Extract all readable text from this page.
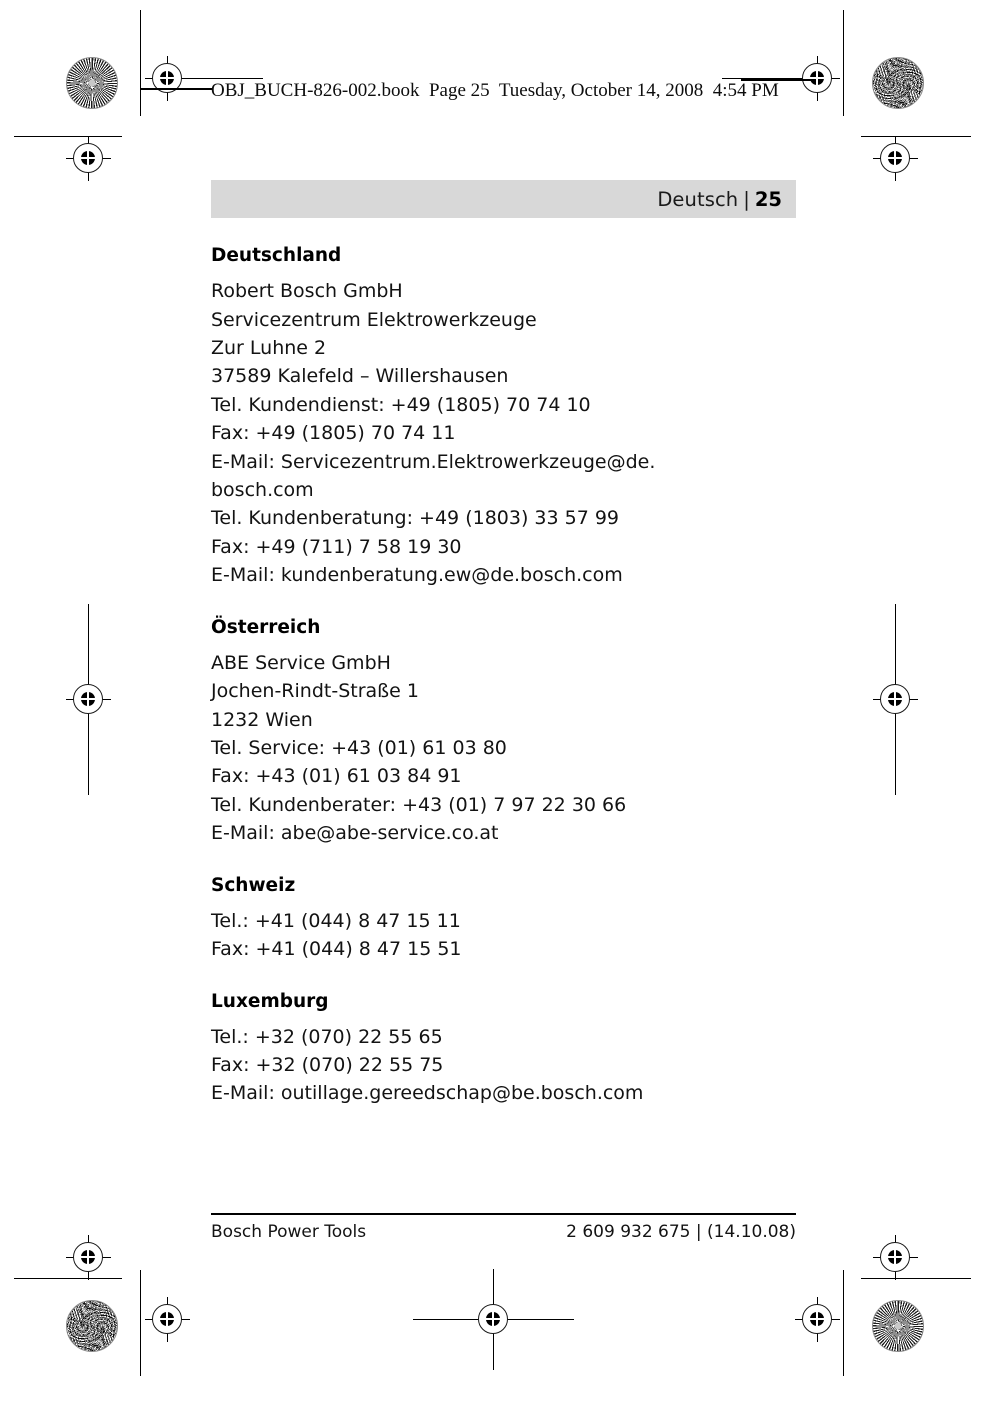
OBJ_BUCH-826-002.book  Page 25  Tuesday, October 14, 2008  4:54 PM
Deutsch | 25
Deutschland
Robert Bosch GmbH
Servicezentrum Elektrowerkzeuge
Zur Luhne 2
37589 Kalefeld – Willershausen
Tel. Kundendienst: +49 (1805) 70 74 10
Fax: +49 (1805) 70 74 11
E-Mail: Servicezentrum.Elektrowerkzeuge@de.
bosch.com
Tel. Kundenberatung: +49 (1803) 33 57 99
Fax: +49 (711) 7 58 19 30
E-Mail: kundenberatung.ew@de.bosch.com
Österreich
ABE Service GmbH
Jochen-Rindt-Straße 1
1232 Wien
Tel. Service: +43 (01) 61 03 80
Fax: +43 (01) 61 03 84 91
Tel. Kundenberater: +43 (01) 7 97 22 30 66
E-Mail: abe@abe-service.co.at
Schweiz
Tel.: +41 (044) 8 47 15 11
Fax: +41 (044) 8 47 15 51
Luxemburg
Tel.: +32 (070) 22 55 65
Fax: +32 (070) 22 55 75
E-Mail: outillage.gereedschap@be.bosch.com
Bosch Power Tools	2 609 932 675 | (14.10.08)
